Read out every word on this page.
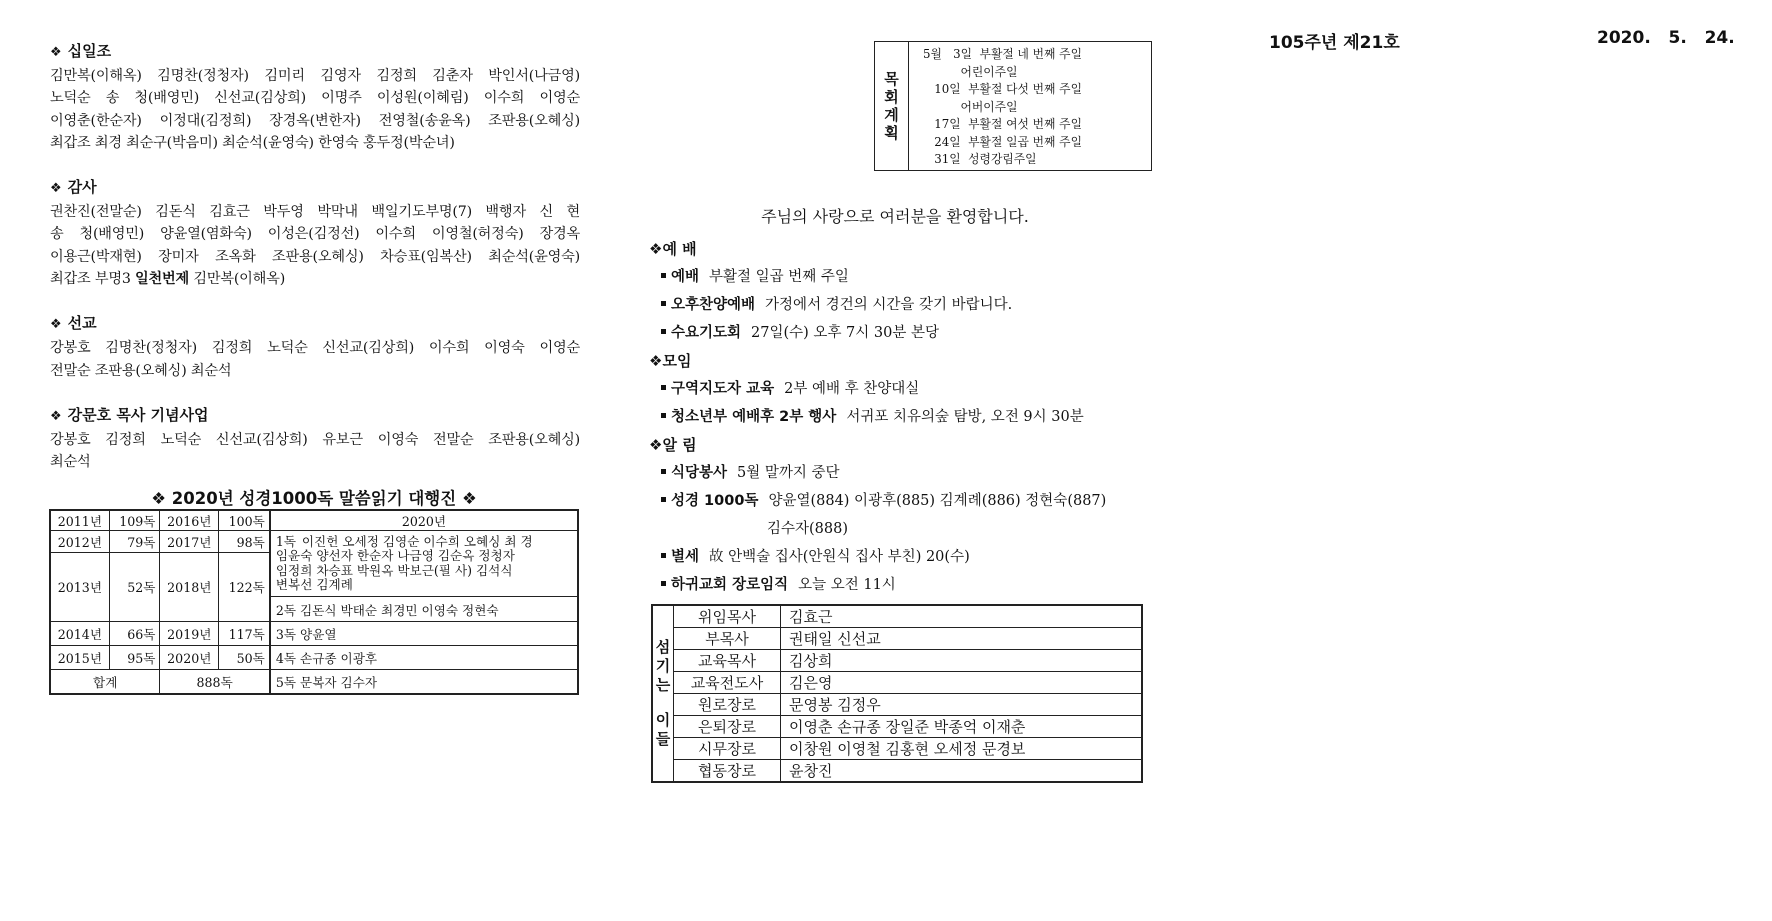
❖ 십일조
김만복(이해옥) 김명찬(정청자) 김미리 김영자 김정희 김춘자 박인서(나금영)
노덕순 송 청(배영민) 신선교(김상희) 이명주 이성원(이혜림) 이수희 이영순
이영춘(한순자) 이정대(김정희) 장경옥(변한자) 전영철(송윤옥) 조판용(오혜싱)
최갑조 최경 최순구(박음미) 최순석(윤영숙) 한영숙 홍두정(박순녀)
❖ 감사
권찬진(전말순) 김돈식 김효근 박두영 박막내 백일기도부명(7) 백행자 신 현
송 청(배영민) 양윤열(염화숙) 이성은(김정선) 이수희 이영철(허정숙) 장경옥
이용근(박재현) 장미자 조옥화 조판용(오혜싱) 차승표(임복산) 최순석(윤영숙)
최갑조 부명3 일천번제 김만복(이해옥)
❖ 선교
강봉호 김명찬(정청자) 김정희 노덕순 신선교(김상희) 이수희 이영숙 이영순
전말순 조판용(오혜싱) 최순석
❖ 강문호 목사 기념사업
강봉호 김정희 노덕순 신선교(김상희) 유보근 이영숙 전말순 조판용(오혜싱)
최순석
❖ 2020년 성경1000독 말씀읽기 대행진 ❖
2011년	109독	2016년	100독	2020년
2012년	79독	2017년	98독	1독 이진헌 오세정 김영순 이수희 오혜싱 최 경
임윤숙 양선자 한순자 나금영 김순옥 정청자
임정희 차승표 박원옥 박보근(필 사) 김석식
변복선 김계례

2013년	52독	2018년	122독	
				2독 김돈식 박태순 최경민 이영숙 정현숙
2014년	66독	2019년	117독	3독 양윤열
2015년	95독	2020년	50독	4독 손규종 이광후
합계		888독		5독 문복자 김수자
목
회
계
획
5월   3일  부활절 네 번째 주일
어린이주일
10일  부활절 다섯 번째 주일
어버이주일
17일  부활절 여섯 번째 주일
24일  부활절 일곱 번째 주일
31일  성령강림주일
105주년 제21호	2020.   5.   24.
주님의 사랑으로 여러분을 환영합니다.
❖예 배
예배 부활절 일곱 번째 주일
오후찬양예배 가정에서 경건의 시간을 갖기 바랍니다.
수요기도회 27일(수) 오후 7시 30분 본당
❖모임
구역지도자 교육 2부 예배 후 찬양대실
청소년부 예배후 2부 행사 서귀포 치유의숲 탐방, 오전 9시 30분
❖알 림
식당봉사 5월 말까지 중단
성경 1000독 양윤열(884) 이광후(885) 김계례(886) 정현숙(887)
김수자(888)
별세 故 안백술 집사(안원식 집사 부친) 20(수)
하귀교회 장로임직 오늘 오전 11시
섬
기
는
이
들	위임목사	김효근
	부목사	권태일 신선교
	교육목사	김상희
	교육전도사	김은영
	원로장로	문영봉 김정우
	은퇴장로	이영춘 손규종 장일준 박종억 이재춘
	시무장로	이창원 이영철 김홍현 오세정 문경보
	협동장로	윤창진
